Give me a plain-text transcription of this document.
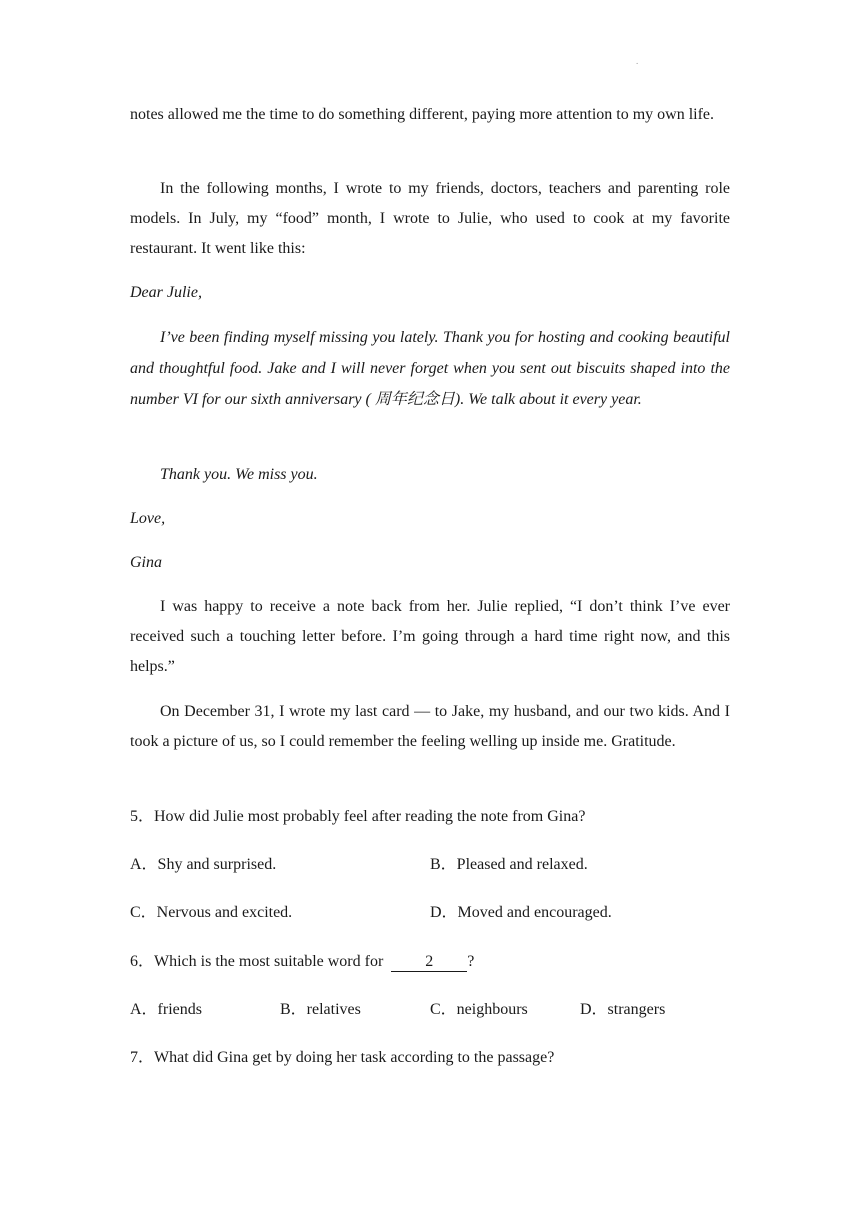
.

notes allowed me the time to do something different, paying more attention to my own life.

In the following months, I wrote to my friends, doctors, teachers and parenting role models. In July, my “food” month, I wrote to Julie, who used to cook at my favorite restaurant. It went like this:

Dear Julie,

I’ve been finding myself missing you lately. Thank you for hosting and cooking beautiful and thoughtful food. Jake and I will never forget when you sent out biscuits shaped into the number VI for our sixth anniversary ( 周年纪念日). We talk about it every year.

Thank you. We miss you.

Love,

Gina

I was happy to receive a note back from her. Julie replied, “I don’t think I’ve ever received such a touching letter before. I’m going through a hard time right now, and this helps.”

On December 31, I wrote my last card — to Jake, my husband, and our two kids. And I took a picture of us, so I could remember the feeling welling up inside me. Gratitude.

5．How did Julie most probably feel after reading the note from Gina?

A．Shy and surprised.	B．Pleased and relaxed.
C．Nervous and excited.	D．Moved and encouraged.

6．Which is the most suitable word for	2 ?

A．friends	B．relatives	C．neighbours	D．strangers

7．What did Gina get by doing her task according to the passage?
